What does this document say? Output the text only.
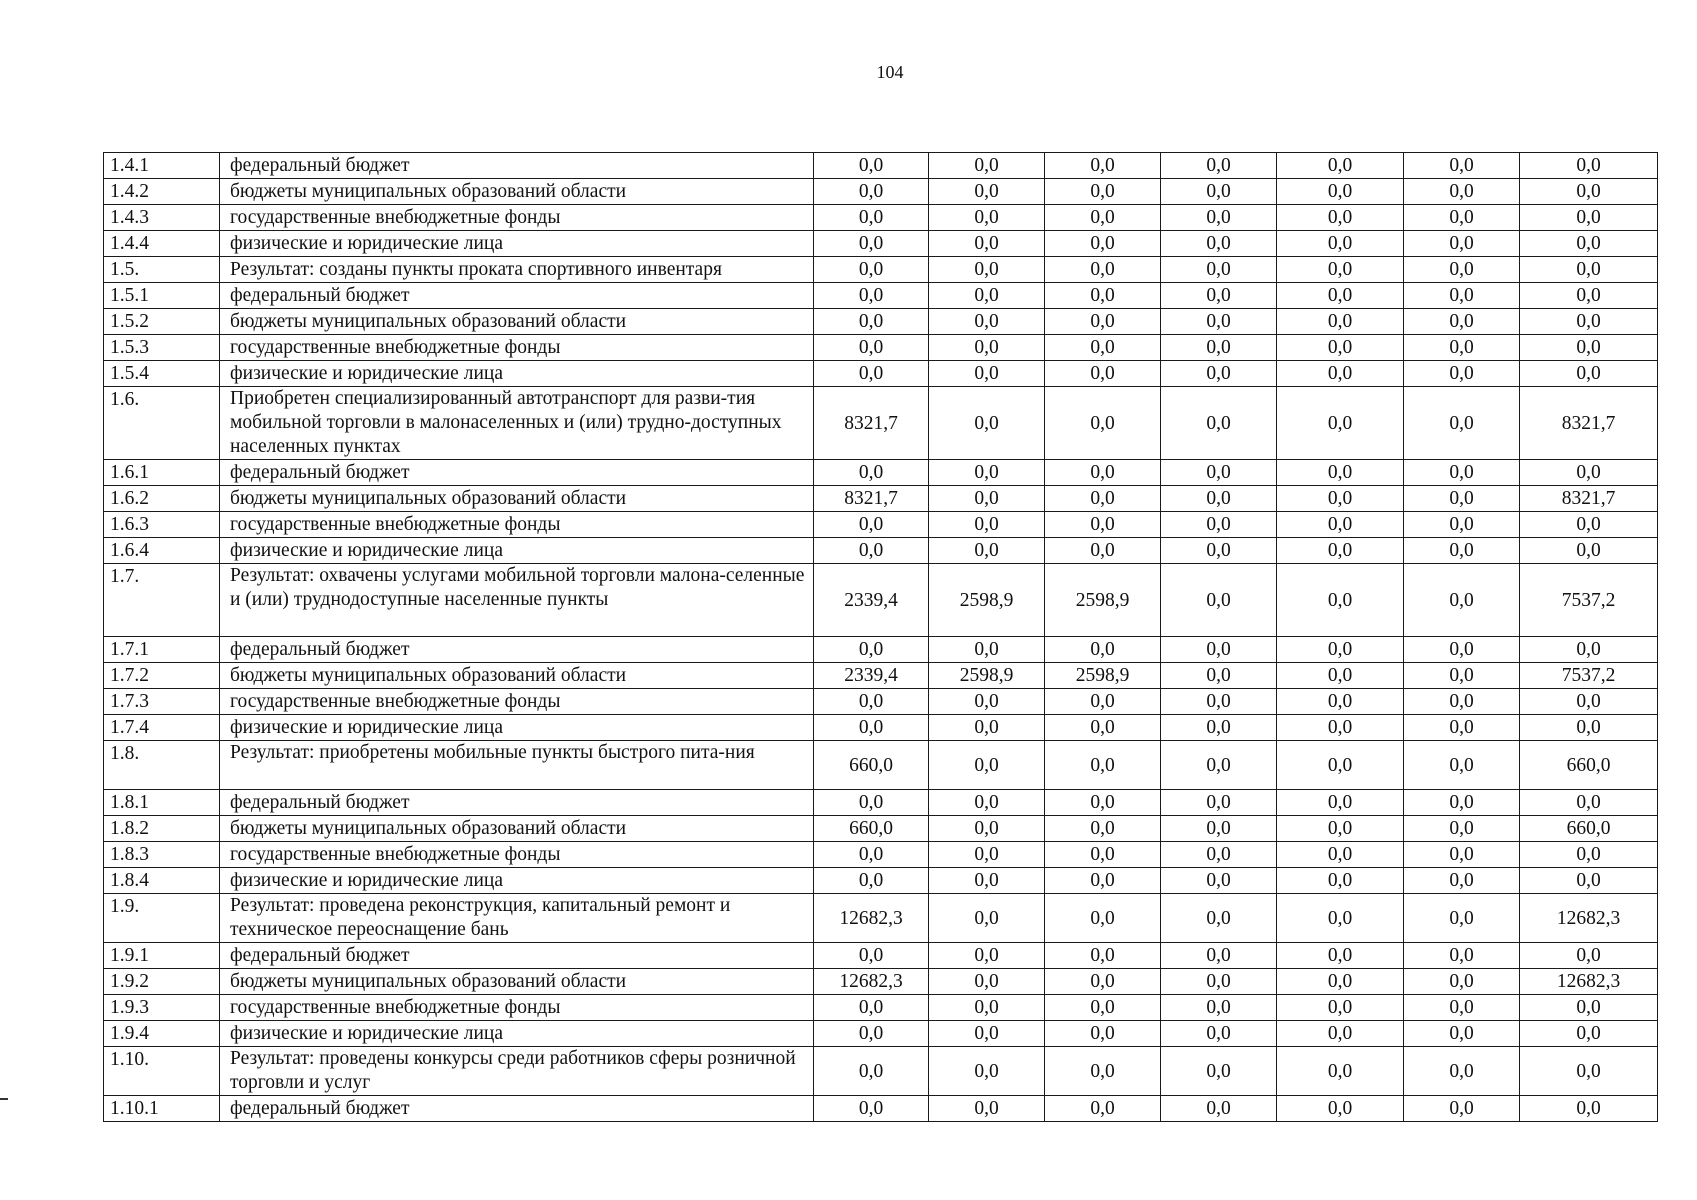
104
1.4.1	федеральный бюджет	0,0	0,0	0,0	0,0	0,0	0,0	0,0
1.4.2	бюджеты муниципальных образований области	0,0	0,0	0,0	0,0	0,0	0,0	0,0
1.4.3	государственные внебюджетные фонды	0,0	0,0	0,0	0,0	0,0	0,0	0,0
1.4.4	физические и юридические лица	0,0	0,0	0,0	0,0	0,0	0,0	0,0
1.5.	Результат: созданы пункты проката спортивного инвентаря	0,0	0,0	0,0	0,0	0,0	0,0	0,0
1.5.1	федеральный бюджет	0,0	0,0	0,0	0,0	0,0	0,0	0,0
1.5.2	бюджеты муниципальных образований области	0,0	0,0	0,0	0,0	0,0	0,0	0,0
1.5.3	государственные внебюджетные фонды	0,0	0,0	0,0	0,0	0,0	0,0	0,0
1.5.4	физические и юридические лица	0,0	0,0	0,0	0,0	0,0	0,0	0,0
1.6.	Приобретен специализированный автотранспорт для разви-тия мобильной торговли в малонаселенных и (или) трудно-доступных населенных пунктах	8321,7	0,0	0,0	0,0	0,0	0,0	8321,7
1.6.1	федеральный бюджет	0,0	0,0	0,0	0,0	0,0	0,0	0,0
1.6.2	бюджеты муниципальных образований области	8321,7	0,0	0,0	0,0	0,0	0,0	8321,7
1.6.3	государственные внебюджетные фонды	0,0	0,0	0,0	0,0	0,0	0,0	0,0
1.6.4	физические и юридические лица	0,0	0,0	0,0	0,0	0,0	0,0	0,0
1.7.	Результат: охвачены услугами мобильной торговли малона-селенные и (или) труднодоступные населенные пункты	2339,4	2598,9	2598,9	0,0	0,0	0,0	7537,2
1.7.1	федеральный бюджет	0,0	0,0	0,0	0,0	0,0	0,0	0,0
1.7.2	бюджеты муниципальных образований области	2339,4	2598,9	2598,9	0,0	0,0	0,0	7537,2
1.7.3	государственные внебюджетные фонды	0,0	0,0	0,0	0,0	0,0	0,0	0,0
1.7.4	физические и юридические лица	0,0	0,0	0,0	0,0	0,0	0,0	0,0
1.8.	Результат: приобретены мобильные пункты быстрого пита-ния	660,0	0,0	0,0	0,0	0,0	0,0	660,0
1.8.1	федеральный бюджет	0,0	0,0	0,0	0,0	0,0	0,0	0,0
1.8.2	бюджеты муниципальных образований области	660,0	0,0	0,0	0,0	0,0	0,0	660,0
1.8.3	государственные внебюджетные фонды	0,0	0,0	0,0	0,0	0,0	0,0	0,0
1.8.4	физические и юридические лица	0,0	0,0	0,0	0,0	0,0	0,0	0,0
1.9.	Результат: проведена реконструкция, капитальный ремонт и техническое переоснащение бань	12682,3	0,0	0,0	0,0	0,0	0,0	12682,3
1.9.1	федеральный бюджет	0,0	0,0	0,0	0,0	0,0	0,0	0,0
1.9.2	бюджеты муниципальных образований области	12682,3	0,0	0,0	0,0	0,0	0,0	12682,3
1.9.3	государственные внебюджетные фонды	0,0	0,0	0,0	0,0	0,0	0,0	0,0
1.9.4	физические и юридические лица	0,0	0,0	0,0	0,0	0,0	0,0	0,0
1.10.	Результат: проведены конкурсы среди работников сферы розничной торговли и услуг	0,0	0,0	0,0	0,0	0,0	0,0	0,0
1.10.1	федеральный бюджет	0,0	0,0	0,0	0,0	0,0	0,0	0,0
